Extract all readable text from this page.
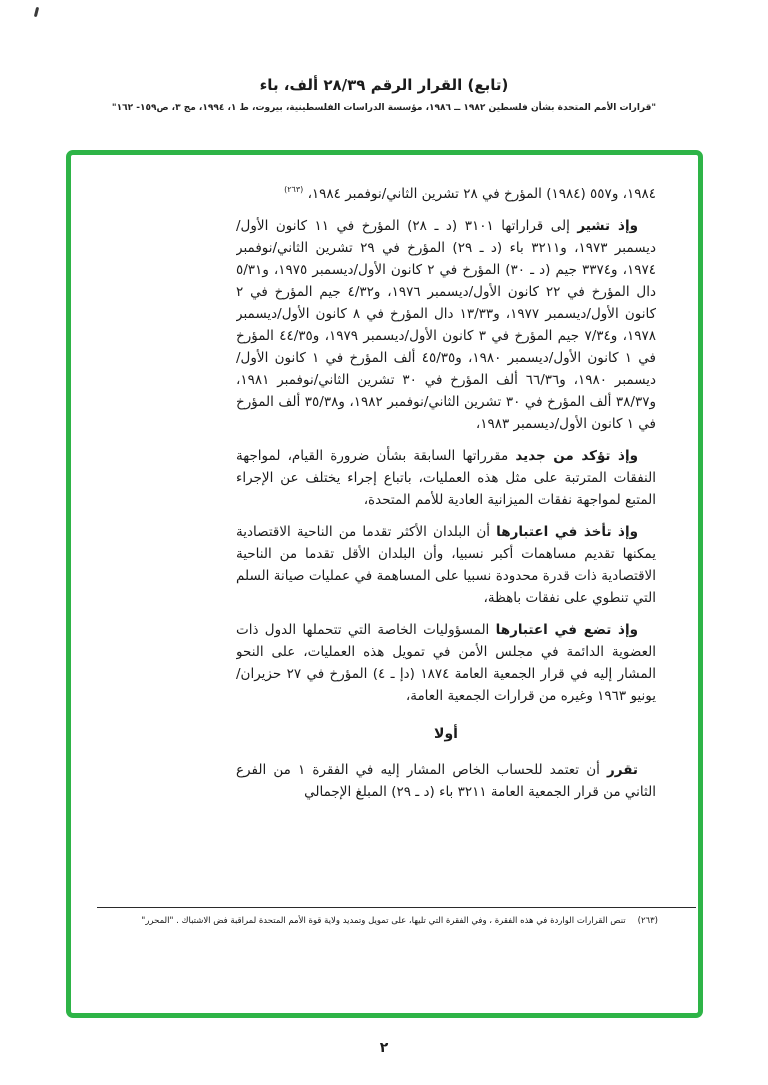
(تابع) القرار الرقم ٢٨/٣٩ ألف، باء
"قرارات الأمم المتحدة بشأن فلسطين ١٩٨٢ ــ ١٩٨٦، مؤسسة الدراسات الفلسطينية، بيروت، ط ١، ١٩٩٤، مج ٣، ص١٥٩- ١٦٢"

١٩٨٤، و٥٥٧ (١٩٨٤) المؤرخ في ٢٨ تشرين الثاني/نوفمبر ١٩٨٤، $^{(٢٦٣)}$

وإذ تشير إلى قراراتها ٣١٠١ (د ـ ٢٨) المؤرخ في ١١ كانون الأول/ديسمبر ١٩٧٣، و٣٢١١ باء (د ـ ٢٩) المؤرخ في ٢٩ تشرين الثاني/نوفمبر ١٩٧٤، و٣٣٧٤ جيم (د ـ ٣٠) المؤرخ في ٢ كانون الأول/ديسمبر ١٩٧٥، و٥/٣١ دال المؤرخ في ٢٢ كانون الأول/ديسمبر ١٩٧٦، و٤/٣٢ جيم المؤرخ في ٢ كانون الأول/ديسمبر ١٩٧٧، و١٣/٣٣ دال المؤرخ في ٨ كانون الأول/ديسمبر ١٩٧٨، و٧/٣٤ جيم المؤرخ في ٣ كانون الأول/ديسمبر ١٩٧٩، و٤٤/٣٥ المؤرخ في ١ كانون الأول/ديسمبر ١٩٨٠، و٤٥/٣٥ ألف المؤرخ في ١ كانون الأول/ديسمبر ١٩٨٠، و٦٦/٣٦ ألف المؤرخ في ٣٠ تشرين الثاني/نوفمبر ١٩٨١، و٣٨/٣٧ ألف المؤرخ في ٣٠ تشرين الثاني/نوفمبر ١٩٨٢، و٣٥/٣٨ ألف المؤرخ في ١ كانون الأول/ديسمبر ١٩٨٣،

وإذ تؤكد من جديد مقرراتها السابقة بشأن ضرورة القيام، لمواجهة النفقات المترتبة على مثل هذه العمليات، باتباع إجراء يختلف عن الإجراء المتبع لمواجهة نفقات الميزانية العادية للأمم المتحدة،

وإذ تأخذ في اعتبارها أن البلدان الأكثر تقدما من الناحية الاقتصادية يمكنها تقديم مساهمات أكبر نسبيا، وأن البلدان الأقل تقدما من الناحية الاقتصادية ذات قدرة محدودة نسبيا على المساهمة في عمليات صيانة السلم التي تنطوي على نفقات باهظة،

وإذ تضع في اعتبارها المسؤوليات الخاصة التي تتحملها الدول ذات العضوية الدائمة في مجلس الأمن في تمويل هذه العمليات، على النحو المشار إليه في قرار الجمعية العامة ١٨٧٤ (دإ ـ ٤) المؤرخ في ٢٧ حزيران/يونيو ١٩٦٣ وغيره من قرارات الجمعية العامة،

أولا

تقرر أن تعتمد للحساب الخاص المشار إليه في الفقرة ١ من الفرع الثاني من قرار الجمعية العامة ٣٢١١ باء (د ـ ٢٩) المبلغ الإجمالي

(٢٦٣)
تنص القرارات الواردة في هذه الفقرة ، وفي الفقرة التي تليها، على تمويل وتمديد ولاية قوة الأمم المتحدة لمراقبة فض الاشتباك . "المحرر"
٢
